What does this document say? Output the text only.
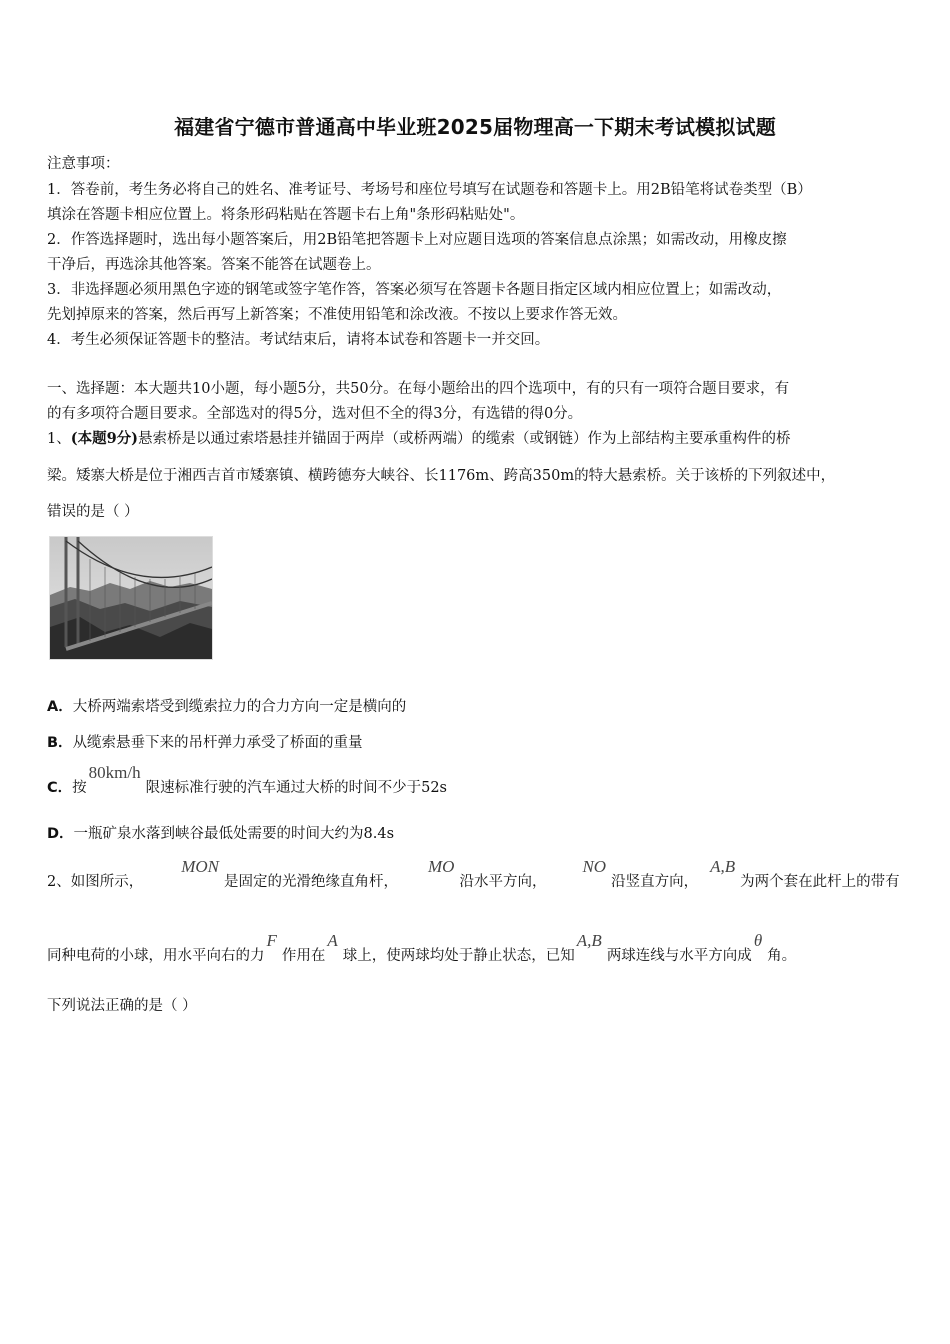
福建省宁德市普通高中毕业班2025届物理高一下期末考试模拟试题
注意事项：
1．答卷前，考生务必将自己的姓名、准考证号、考场号和座位号填写在试题卷和答题卡上。用2B铅笔将试卷类型（B）
填涂在答题卡相应位置上。将条形码粘贴在答题卡右上角"条形码粘贴处"。
2．作答选择题时，选出每小题答案后，用2B铅笔把答题卡上对应题目选项的答案信息点涂黑；如需改动，用橡皮擦
干净后，再选涂其他答案。答案不能答在试题卷上。
3．非选择题必须用黑色字迹的钢笔或签字笔作答，答案必须写在答题卡各题目指定区域内相应位置上；如需改动，
先划掉原来的答案，然后再写上新答案；不准使用铅笔和涂改液。不按以上要求作答无效。
4．考生必须保证答题卡的整洁。考试结束后，请将本试卷和答题卡一并交回。
一、选择题：本大题共10小题，每小题5分，共50分。在每小题给出的四个选项中，有的只有一项符合题目要求，有
的有多项符合题目要求。全部选对的得5分，选对但不全的得3分，有选错的得0分。
1、(本题9分)悬索桥是以通过索塔悬挂并锚固于两岸（或桥两端）的缆索（或钢链）作为上部结构主要承重构件的桥
梁。矮寨大桥是位于湘西吉首市矮寨镇、横跨德夯大峡谷、长1176m、跨高350m的特大悬索桥。关于该桥的下列叙述中，
错误的是（ ）
A．大桥两端索塔受到缆索拉力的合力方向一定是横向的
B．从缆索悬垂下来的吊杆弹力承受了桥面的重量
C．按80km/h限速标准行驶的汽车通过大桥的时间不少于52s
D．一瓶矿泉水落到峡谷最低处需要的时间大约为8.4s
2、如图所示，MON是固定的光滑绝缘直角杆，MO沿水平方向，NO沿竖直方向，A,B为两个套在此杆上的带有
同种电荷的小球，用水平向右的力F作用在A球上，使两球均处于静止状态，已知A,B两球连线与水平方向成θ角。
下列说法正确的是（ ）
